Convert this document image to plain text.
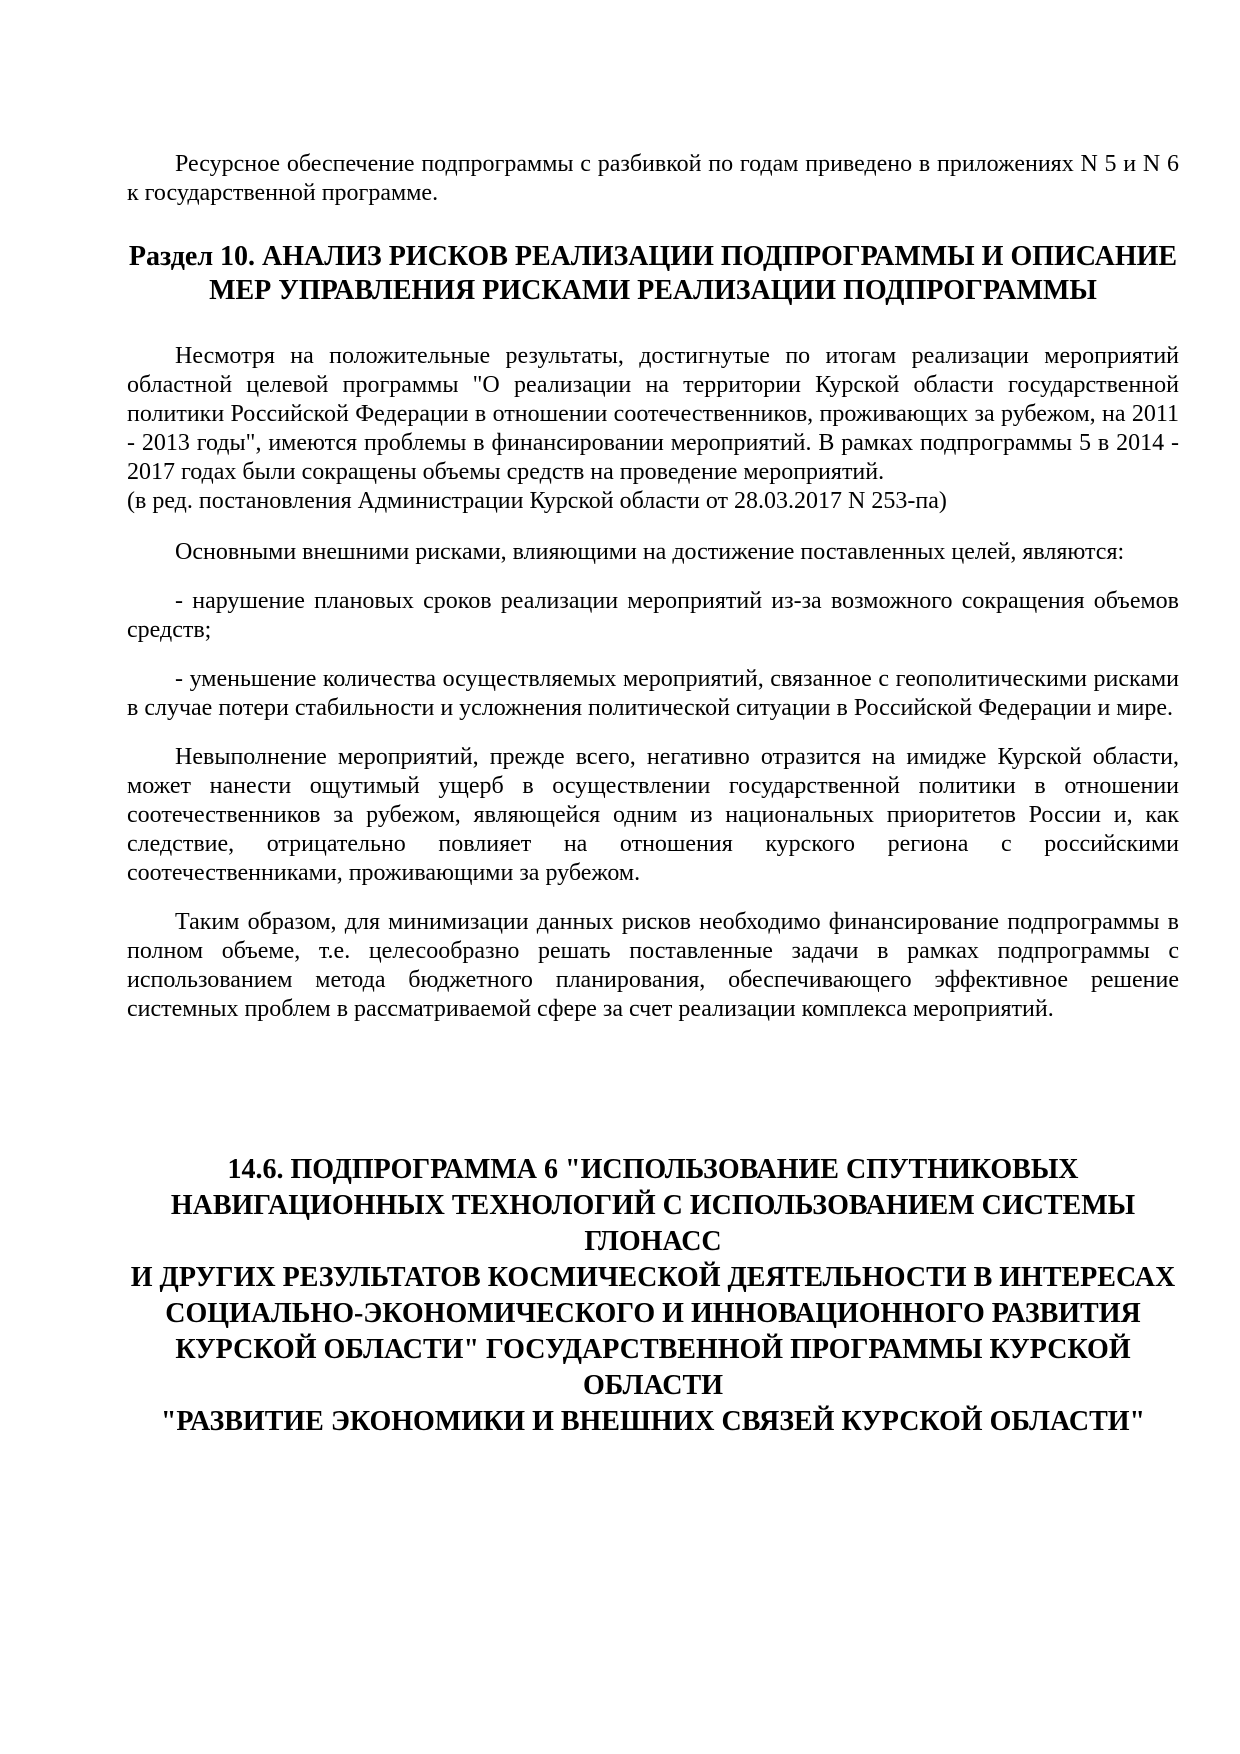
Ресурсное обеспечение подпрограммы с разбивкой по годам приведено в приложениях N 5 и N 6 к государственной программе.

Раздел 10. АНАЛИЗ РИСКОВ РЕАЛИЗАЦИИ ПОДПРОГРАММЫ И ОПИСАНИЕ
МЕР УПРАВЛЕНИЯ РИСКАМИ РЕАЛИЗАЦИИ ПОДПРОГРАММЫ

Несмотря на положительные результаты, достигнутые по итогам реализации мероприятий областной целевой программы "О реализации на территории Курской области государственной политики Российской Федерации в отношении соотечественников, проживающих за рубежом, на 2011 - 2013 годы", имеются проблемы в финансировании мероприятий. В рамках подпрограммы 5 в 2014 - 2017 годах были сокращены объемы средств на проведение мероприятий.

(в ред. постановления Администрации Курской области от 28.03.2017 N 253-па)

Основными внешними рисками, влияющими на достижение поставленных целей, являются:

- нарушение плановых сроков реализации мероприятий из-за возможного сокращения объемов средств;

- уменьшение количества осуществляемых мероприятий, связанное с геополитическими рисками в случае потери стабильности и усложнения политической ситуации в Российской Федерации и мире.

Невыполнение мероприятий, прежде всего, негативно отразится на имидже Курской области, может нанести ощутимый ущерб в осуществлении государственной политики в отношении соотечественников за рубежом, являющейся одним из национальных приоритетов России и, как следствие, отрицательно повлияет на отношения курского региона с российскими соотечественниками, проживающими за рубежом.

Таким образом, для минимизации данных рисков необходимо финансирование подпрограммы в полном объеме, т.е. целесообразно решать поставленные задачи в рамках подпрограммы с использованием метода бюджетного планирования, обеспечивающего эффективное решение системных проблем в рассматриваемой сфере за счет реализации комплекса мероприятий.

14.6. ПОДПРОГРАММА 6 "ИСПОЛЬЗОВАНИЕ СПУТНИКОВЫХ НАВИГАЦИОННЫХ ТЕХНОЛОГИЙ С ИСПОЛЬЗОВАНИЕМ СИСТЕМЫ ГЛОНАСС
И ДРУГИХ РЕЗУЛЬТАТОВ КОСМИЧЕСКОЙ ДЕЯТЕЛЬНОСТИ В ИНТЕРЕСАХ
СОЦИАЛЬНО-ЭКОНОМИЧЕСКОГО И ИННОВАЦИОННОГО РАЗВИТИЯ КУРСКОЙ ОБЛАСТИ" ГОСУДАРСТВЕННОЙ ПРОГРАММЫ КУРСКОЙ ОБЛАСТИ
"РАЗВИТИЕ ЭКОНОМИКИ И ВНЕШНИХ СВЯЗЕЙ КУРСКОЙ ОБЛАСТИ"
